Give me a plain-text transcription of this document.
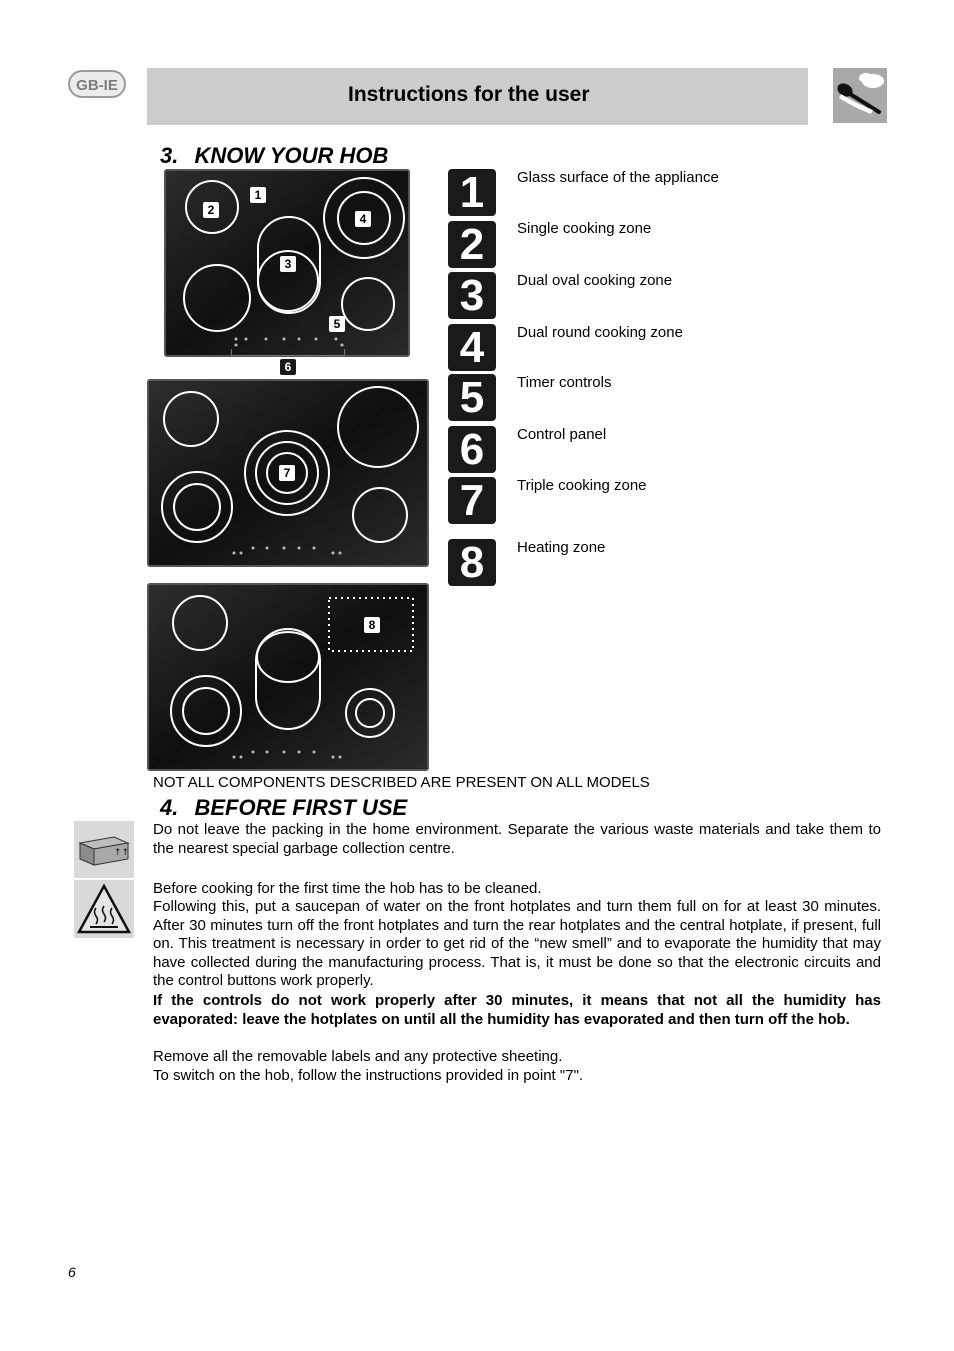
GB-IE	Instructions for the user
3. KNOW YOUR HOB
1
2
3
4
5
6
7
8
1	Glass surface of the appliance
2	Single cooking zone
3	Dual oval cooking zone
4	Dual round cooking zone
5	Timer controls
6	Control panel
7	Triple cooking zone
8	Heating zone
NOT ALL COMPONENTS DESCRIBED ARE PRESENT ON ALL MODELS
4. BEFORE FIRST USE
↑↑
Do not leave the packing in the home environment. Separate the various waste materials and take them to the nearest special garbage collection centre.
Before cooking for the first time the hob has to be cleaned.
Following this, put a saucepan of water on the front hotplates and turn them full on for at least 30 minutes. After 30 minutes turn off the front hotplates and turn the rear hotplates and the central hotplate, if present, full on. This treatment is necessary in order to get rid of the “new smell” and to evaporate the humidity that may have collected during the manufacturing process. That is, it must be done so that the electronic circuits and the control buttons work properly.
If the controls do not work properly after 30 minutes, it means that not all the humidity has evaporated: leave the hotplates on until all the humidity has evaporated and then turn off the hob.
Remove all the removable labels and any protective sheeting.
To switch on the hob, follow the instructions provided in point "7".
6
